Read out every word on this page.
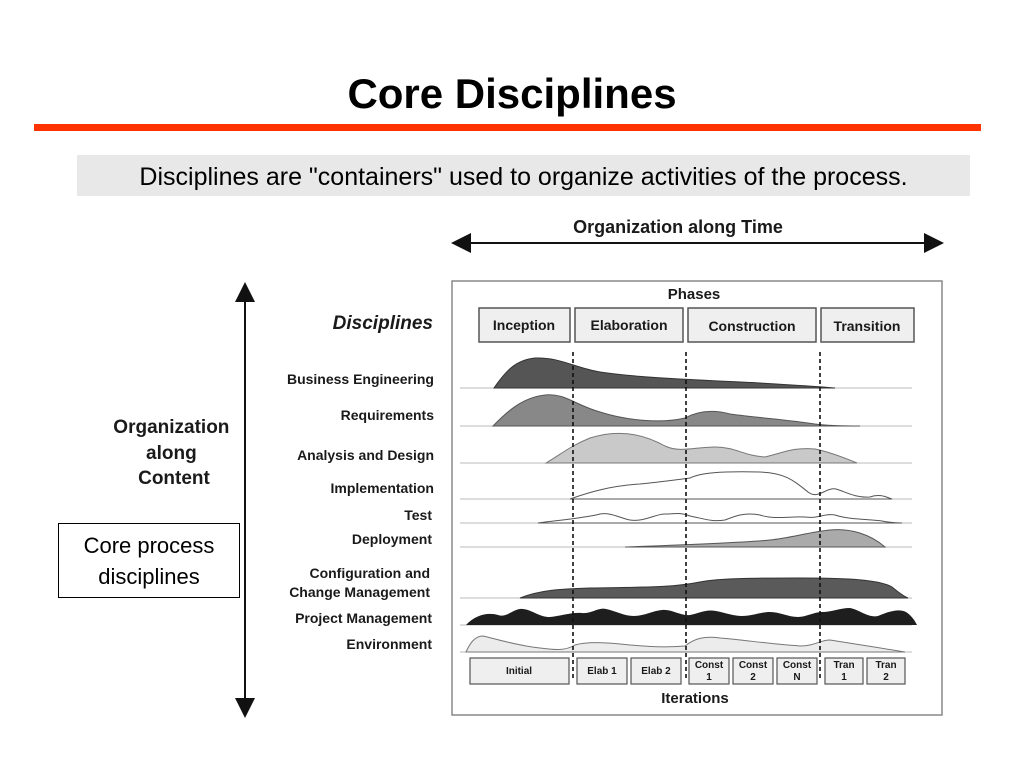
Core Disciplines
Disciplines are "containers" used to organize activities of the process.
Organization along Time
Organization along Content
Disciplines
Business Engineering
Requirements
Analysis and Design
Implementation
Test
Deployment
Configuration and
Change Management
Project Management
Environment
Phases
Inception	Elaboration	Construction	Transition
Initial	Elab 1 Elab 2
Const
1
Const
2
Const
N
Tran
1
Tran
2
Iterations
Core process disciplines
